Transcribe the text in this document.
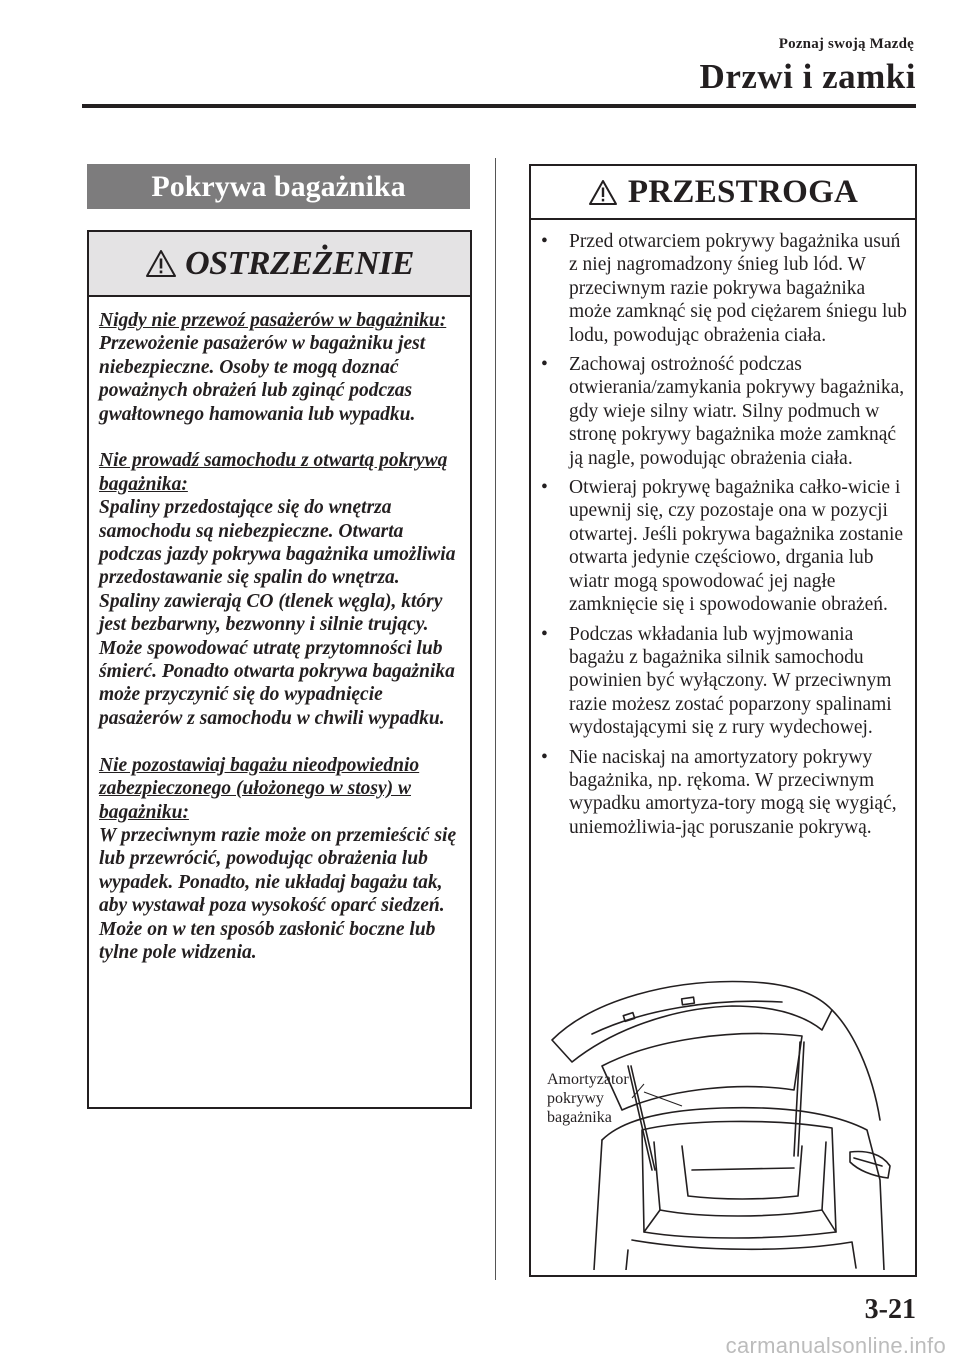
Poznaj swoją Mazdę
Drzwi i zamki
Pokrywa bagażnika
OSTRZEŻENIE

Nigdy nie przewoź pasażerów w bagażniku:
Przewożenie pasażerów w bagażniku jest niebezpieczne. Osoby te mogą doznać poważnych obrażeń lub zginąć podczas gwałtownego hamowania lub wypadku.

Nie prowadź samochodu z otwartą pokrywą bagażnika:
Spaliny przedostające się do wnętrza samochodu są niebezpieczne. Otwarta podczas jazdy pokrywa bagażnika umożliwia przedostawanie się spalin do wnętrza. Spaliny zawierają CO (tlenek węgla), który jest bezbarwny, bezwonny i silnie trujący. Może spowodować utratę przytomności lub śmierć. Ponadto otwarta pokrywa bagażnika może przyczynić się do wypadnięcie pasażerów z samochodu w chwili wypadku.

Nie pozostawiaj bagażu nieodpowiednio zabezpieczonego (ułożonego w stosy) w bagażniku:
W przeciwnym razie może on przemieścić się lub przewrócić, powodując obrażenia lub wypadek. Ponadto, nie układaj bagażu tak, aby wystawał poza wysokość oparć siedzeń. Może on w ten sposób zasłonić boczne lub tylne pole widzenia.

PRZESTROGA
• Przed otwarciem pokrywy bagażnika usuń z niej nagromadzony śnieg lub lód. W przeciwnym razie pokrywa bagażnika może zamknąć się pod ciężarem śniegu lub lodu, powodując obrażenia ciała.
• Zachowaj ostrożność podczas otwierania/zamykania pokrywy bagażnika, gdy wieje silny wiatr. Silny podmuch w stronę pokrywy bagażnika może zamknąć ją nagle, powodując obrażenia ciała.
• Otwieraj pokrywę bagażnika całko-wicie i upewnij się, czy pozostaje ona w pozycji otwartej. Jeśli pokrywa bagażnika zostanie otwarta jedynie częściowo, drgania lub wiatr mogą spowodować jej nagłe zamknięcie się i spowodowanie obrażeń.
• Podczas wkładania lub wyjmowania bagażu z bagażnika silnik samochodu powinien być wyłączony. W przeciwnym razie możesz zostać poparzony spalinami wydostającymi się z rury wydechowej.
• Nie naciskaj na amortyzatory pokrywy bagażnika, np. rękoma. W przeciwnym wypadku amortyza-tory mogą się wygiąć, uniemożliwia-jąc poruszanie pokrywą.
Amortyzator
pokrywy
bagażnika
3-21
carmanualsonline.info
